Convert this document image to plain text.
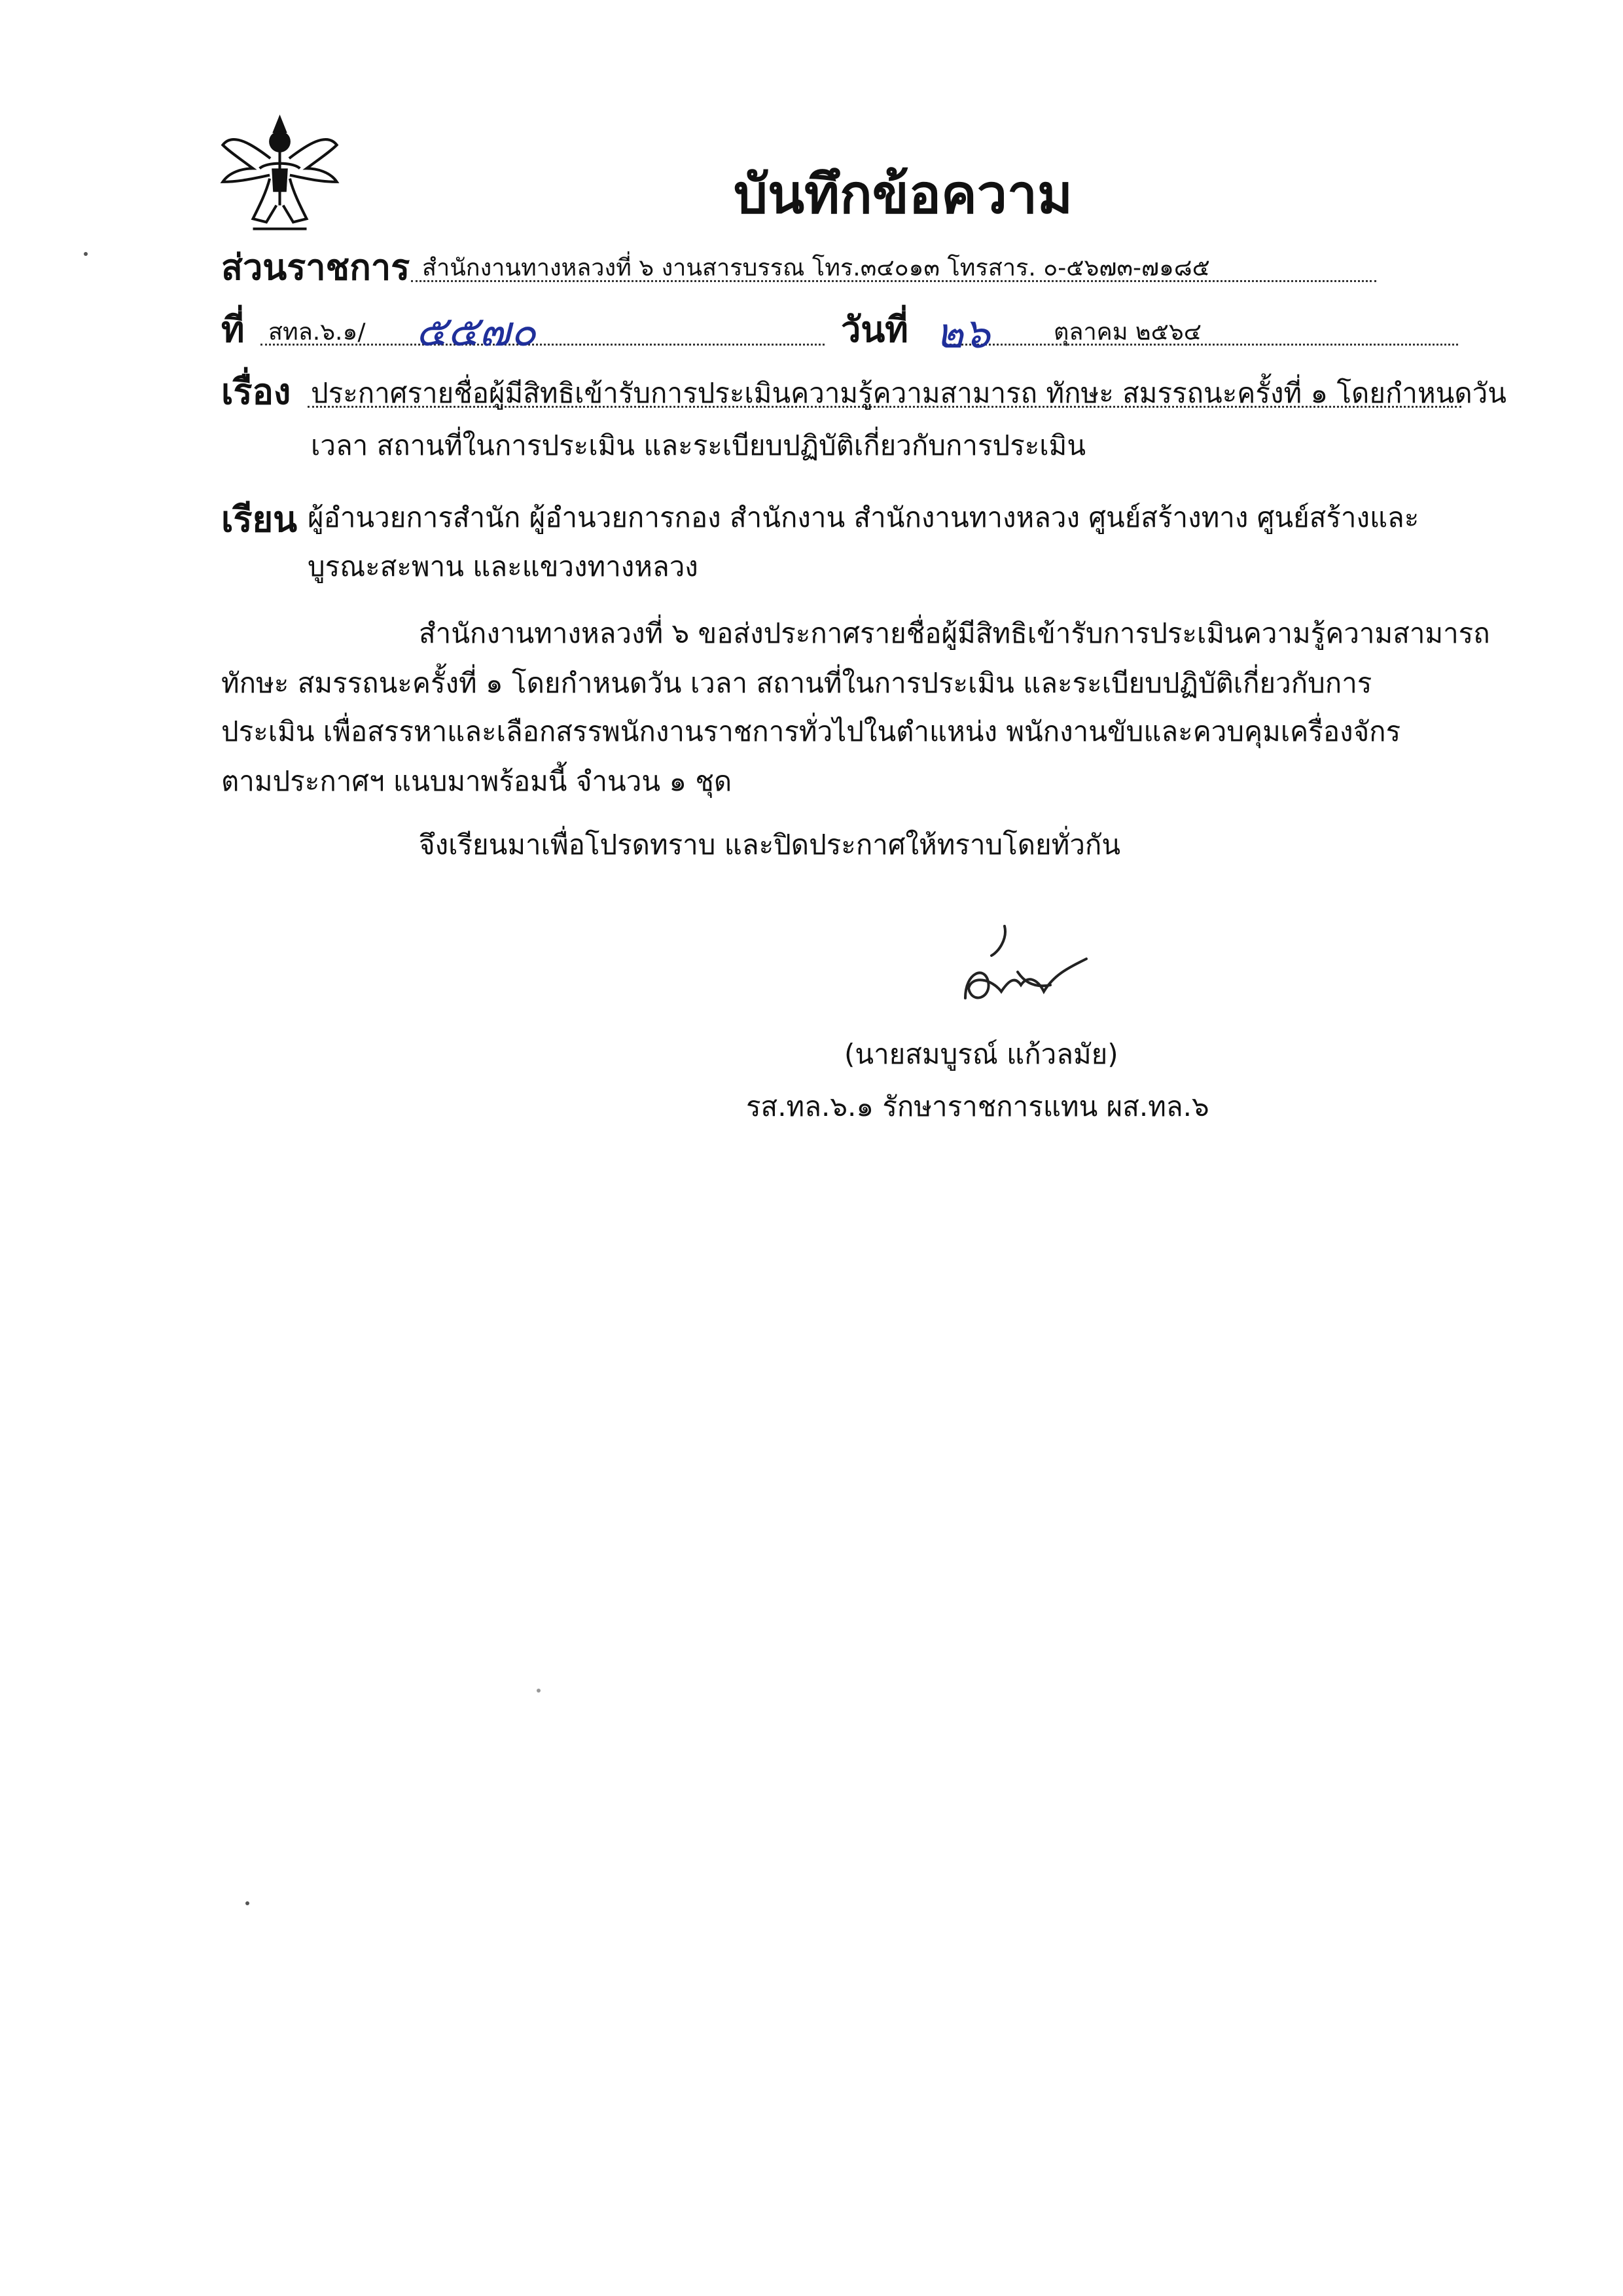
บันทึกข้อความ
ส่วนราชการ สำนักงานทางหลวงที่ ๖ งานสารบรรณ โทร.๓๔๐๑๓ โทรสาร. ๐-๕๖๗๓-๗๑๘๕
ที่ สทล.๖.๑/ ๕๕๗๐	วันที่ ๒๖	ตุลาคม ๒๕๖๔
เรื่อง ประกาศรายชื่อผู้มีสิทธิเข้ารับการประเมินความรู้ความสามารถ ทักษะ สมรรถนะครั้งที่ ๑ โดยกำหนดวัน
เวลา สถานที่ในการประเมิน และระเบียบปฏิบัติเกี่ยวกับการประเมิน
เรียน ผู้อำนวยการสำนัก ผู้อำนวยการกอง สำนักงาน สำนักงานทางหลวง ศูนย์สร้างทาง ศูนย์สร้างและ
บูรณะสะพาน และแขวงทางหลวง
สำนักงานทางหลวงที่ ๖ ขอส่งประกาศรายชื่อผู้มีสิทธิเข้ารับการประเมินความรู้ความสามารถ
ทักษะ สมรรถนะครั้งที่ ๑ โดยกำหนดวัน เวลา สถานที่ในการประเมิน และระเบียบปฏิบัติเกี่ยวกับการ
ประเมิน เพื่อสรรหาและเลือกสรรพนักงานราชการทั่วไปในตำแหน่ง พนักงานขับและควบคุมเครื่องจักร
ตามประกาศฯ แนบมาพร้อมนี้ จำนวน ๑ ชุด
จึงเรียนมาเพื่อโปรดทราบ และปิดประกาศให้ทราบโดยทั่วกัน
(นายสมบูรณ์ แก้วลมัย)
รส.ทล.๖.๑ รักษาราชการแทน ผส.ทล.๖
